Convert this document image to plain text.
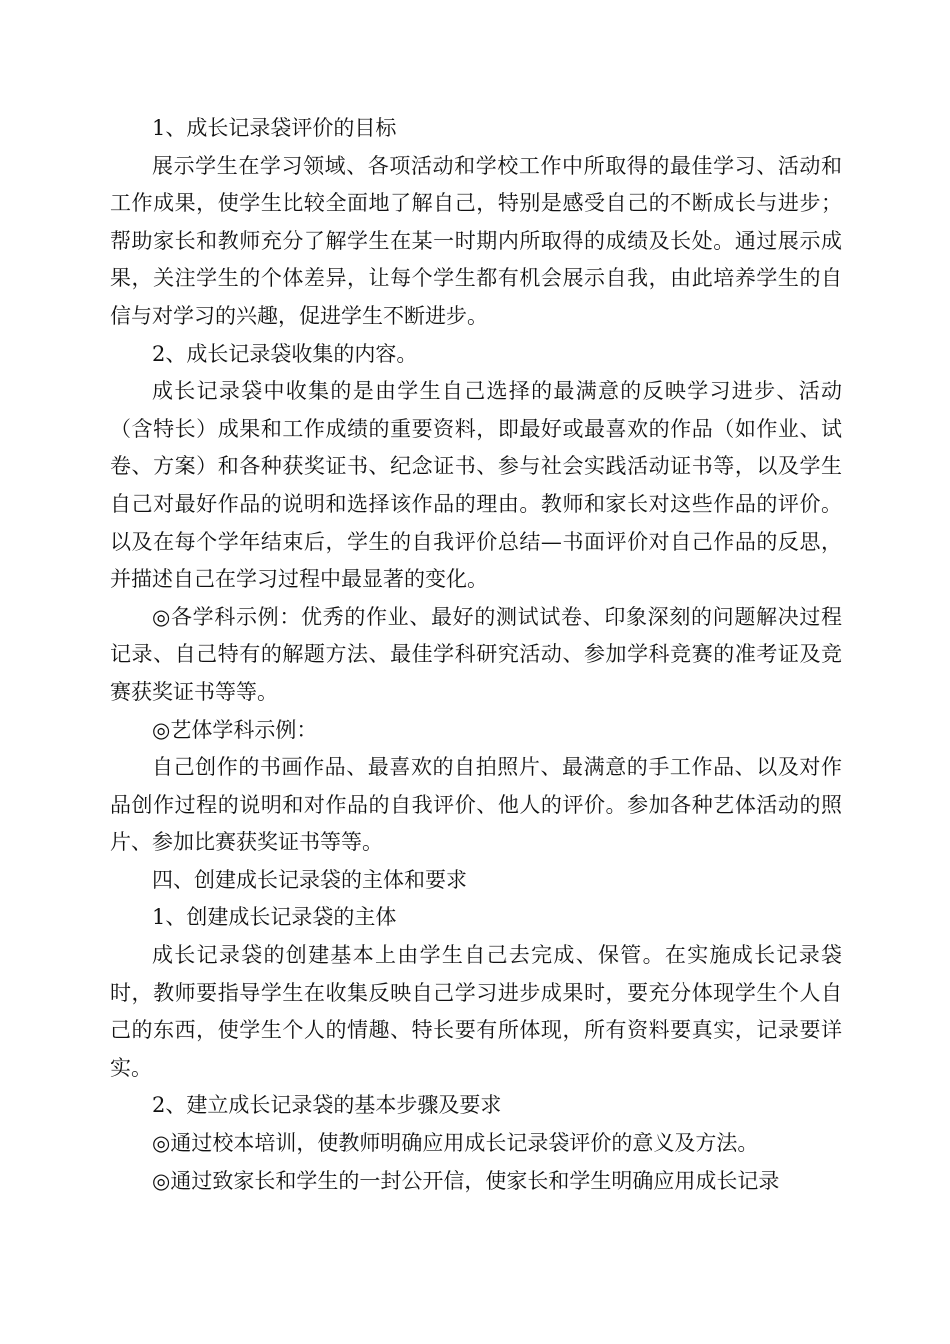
1、成长记录袋评价的目标

展示学生在学习领域、各项活动和学校工作中所取得的最佳学习、活动和工作成果，使学生比较全面地了解自己，特别是感受自己的不断成长与进步；帮助家长和教师充分了解学生在某一时期内所取得的成绩及长处。通过展示成果，关注学生的个体差异，让每个学生都有机会展示自我，由此培养学生的自信与对学习的兴趣，促进学生不断进步。

2、成长记录袋收集的内容。

成长记录袋中收集的是由学生自己选择的最满意的反映学习进步、活动（含特长）成果和工作成绩的重要资料，即最好或最喜欢的作品（如作业、试卷、方案）和各种获奖证书、纪念证书、参与社会实践活动证书等，以及学生自己对最好作品的说明和选择该作品的理由。教师和家长对这些作品的评价。以及在每个学年结束后，学生的自我评价总结—书面评价对自己作品的反思，并描述自己在学习过程中最显著的变化。

◎各学科示例：优秀的作业、最好的测试试卷、印象深刻的问题解决过程记录、自己特有的解题方法、最佳学科研究活动、参加学科竞赛的准考证及竞赛获奖证书等等。

◎艺体学科示例：

自己创作的书画作品、最喜欢的自拍照片、最满意的手工作品、以及对作品创作过程的说明和对作品的自我评价、他人的评价。参加各种艺体活动的照片、参加比赛获奖证书等等。

四、创建成长记录袋的主体和要求

1、创建成长记录袋的主体

成长记录袋的创建基本上由学生自己去完成、保管。在实施成长记录袋时，教师要指导学生在收集反映自己学习进步成果时，要充分体现学生个人自己的东西，使学生个人的情趣、特长要有所体现，所有资料要真实，记录要详实。

2、建立成长记录袋的基本步骤及要求

◎通过校本培训，使教师明确应用成长记录袋评价的意义及方法。

◎通过致家长和学生的一封公开信，使家长和学生明确应用成长记录
